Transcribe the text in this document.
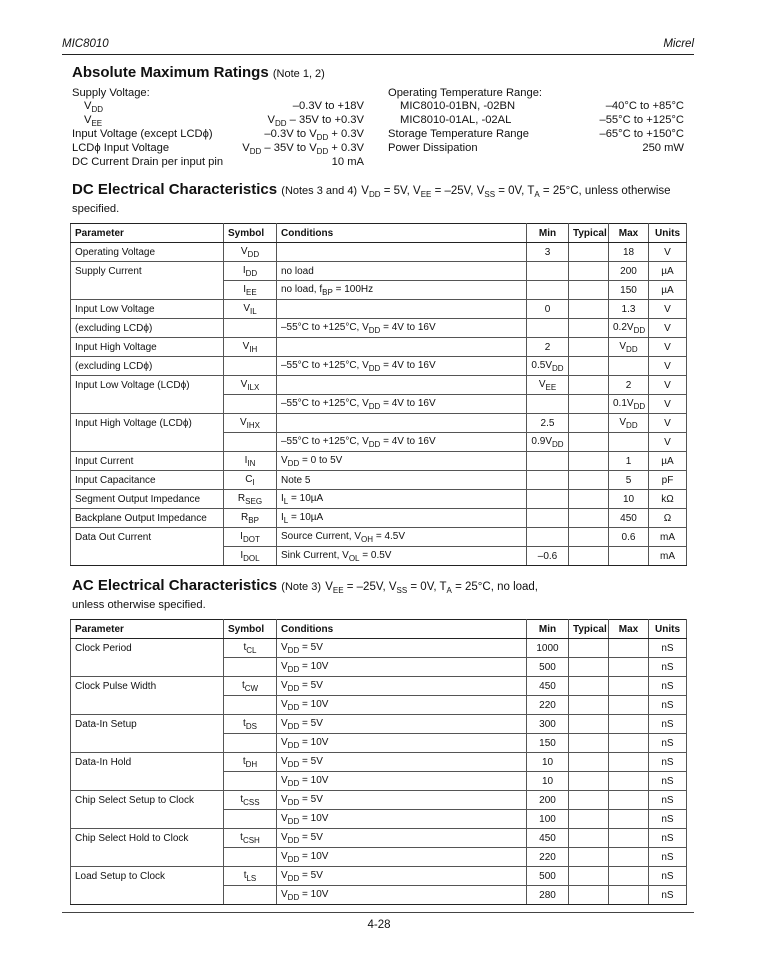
MIC8010	Micrel
Absolute Maximum Ratings (Note 1, 2)
Supply Voltage:
$V_{DD}$	–0.3V to +18V
$V_{EE}$	$V_{DD} - 35V$ to +0.3V
Input Voltage (except LCDϕ)	–0.3V to $V_{DD} + 0.3V$
LCDϕ Input Voltage	$V_{DD} - 35V$ to $V_{DD} + 0.3V$
DC Current Drain per input pin	10 mA
Operating Temperature Range:
MIC8010-01BN, -02BN	–40°C to +85°C
MIC8010-01AL, -02AL	–55°C to +125°C
Storage Temperature Range	–65°C to +150°C
Power Dissipation	250 mW
DC Electrical Characteristics (Notes 3 and 4) $V_{DD} = 5V$, $V_{EE} = -25V$, $V_{SS} = 0V$, $T_A = 25^\circ C$, unless otherwise
specified.
Parameter	Symbol	Conditions	Min	Typical	Max	Units
Operating Voltage	$V_{DD}$		3		18	V
Supply Current	$I_{DD}$	no load			200	µA
	$I_{EE}$	no load, $f_{BP} = 100Hz$			150	µA
Input Low Voltage	$V_{IL}$		0		1.3	V
(excluding LCDϕ)		–55°C to +125°C, $V_{DD} = 4V$ to 16V			$0.2V_{DD}$	V
Input High Voltage	$V_{IH}$		2		$V_{DD}$	V
(excluding LCDϕ)		–55°C to +125°C, $V_{DD} = 4V$ to 16V	$0.5V_{DD}$			V
Input Low Voltage (LCDϕ)	$V_{ILX}$		$V_{EE}$		2	V
		–55°C to +125°C, $V_{DD} = 4V$ to 16V			$0.1V_{DD}$	V
Input High Voltage (LCDϕ)	$V_{IHX}$		2.5		$V_{DD}$	V
		–55°C to +125°C, $V_{DD} = 4V$ to 16V	$0.9V_{DD}$			V
Input Current	$I_{IN}$	$V_{DD} = 0$ to 5V			1	µA
Input Capacitance	$C_I$	Note 5			5	pF
Segment Output Impedance	$R_{SEG}$	$I_L = 10\mu A$			10	kΩ
Backplane Output Impedance	$R_{BP}$	$I_L = 10\mu A$			450	Ω
Data Out Current	$I_{DOT}$	Source Current, $V_{OH} = 4.5V$			0.6	mA
	$I_{DOL}$	Sink Current, $V_{OL} = 0.5V$	–0.6			mA
AC Electrical Characteristics (Note 3) $V_{EE} = -25V$, $V_{SS} = 0V$, $T_A = 25^\circ C$, no load,
unless otherwise specified.
Parameter	Symbol	Conditions	Min	Typical	Max	Units
Clock Period	$t_{CL}$	$V_{DD} = 5V$	1000			nS
		$V_{DD} = 10V$	500			nS
Clock Pulse Width	$t_{CW}$	$V_{DD} = 5V$	450			nS
		$V_{DD} = 10V$	220			nS
Data-In Setup	$t_{DS}$	$V_{DD} = 5V$	300			nS
		$V_{DD} = 10V$	150			nS
Data-In Hold	$t_{DH}$	$V_{DD} = 5V$	10			nS
		$V_{DD} = 10V$	10			nS
Chip Select Setup to Clock	$t_{CSS}$	$V_{DD} = 5V$	200			nS
		$V_{DD} = 10V$	100			nS
Chip Select Hold to Clock	$t_{CSH}$	$V_{DD} = 5V$	450			nS
		$V_{DD} = 10V$	220			nS
Load Setup to Clock	$t_{LS}$	$V_{DD} = 5V$	500			nS
		$V_{DD} = 10V$	280			nS
4-28
